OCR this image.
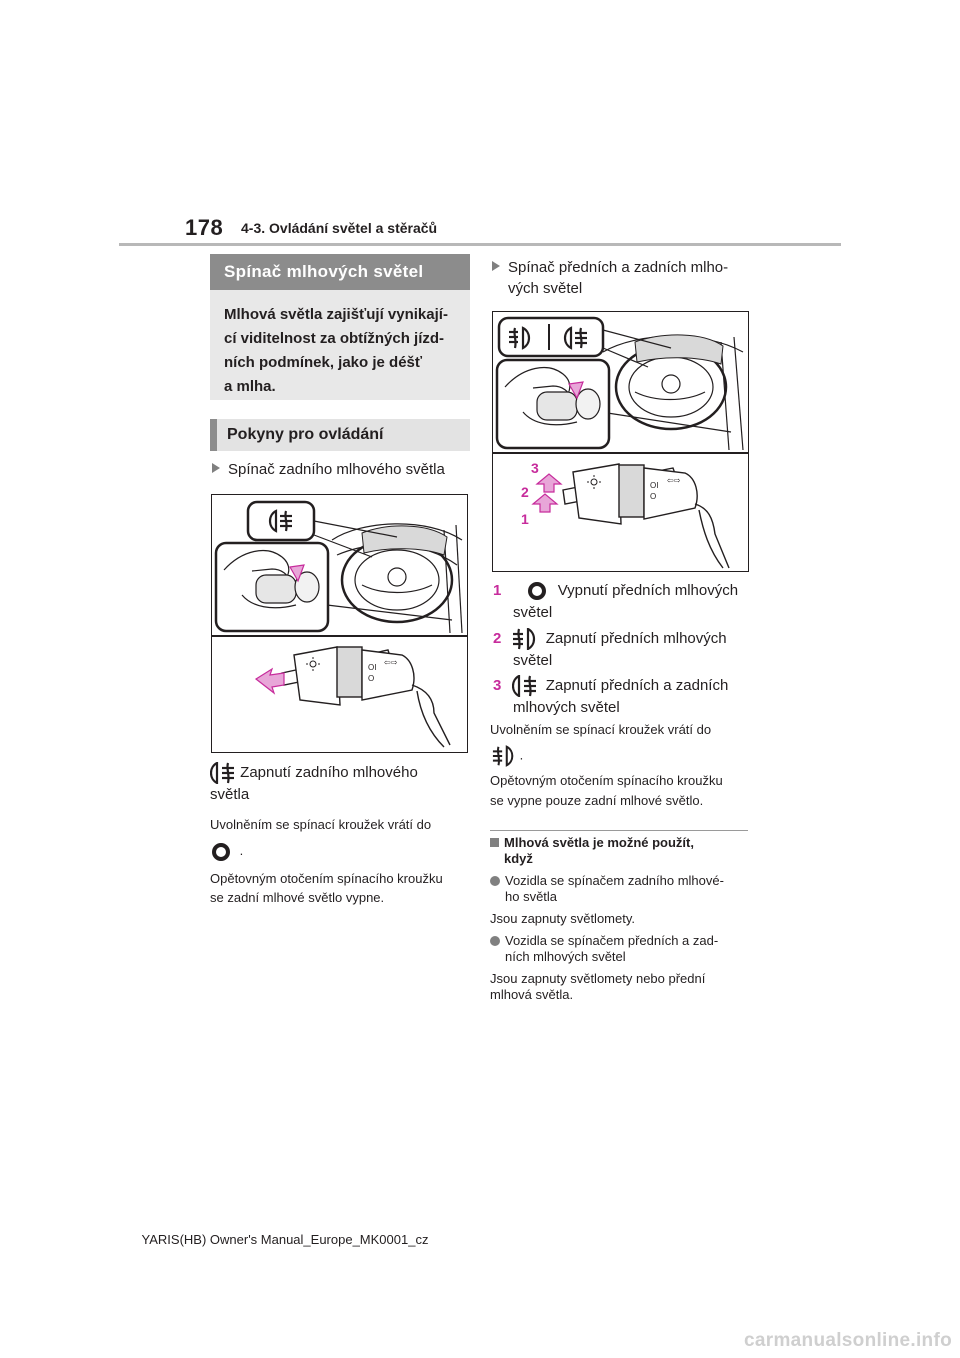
178 4-3. Ovládání světel a stěračů
Spínač mlhových světel
Mlhová světla zajišťují vynikají-
cí viditelnost za obtížných jízd-
ních podmínek, jako je déšť
a mlha.
Pokyny pro ovládání
Spínač zadního mlhového světla
OI
⇦⇨
O
Zapnutí zadního mlhového
světla
Uvolněním se spínací kroužek vrátí do
.
Opětovným otočením spínacího kroužku
se zadní mlhové světlo vypne.
Spínač předních a zadních mlho-
vých světel
OI
⇦⇨
O
3
2
1
1	Vypnutí předních mlhových
světel
2	Zapnutí předních mlhových
světel
3	Zapnutí předních a zadních
mlhových světel
Uvolněním se spínací kroužek vrátí do
.
Opětovným otočením spínacího kroužku
se vypne pouze zadní mlhové světlo.
Mlhová světla je možné použít,
když
Vozidla se spínačem zadního mlhové-
ho světla
Jsou zapnuty světlomety.
Vozidla se spínačem předních a zad-
ních mlhových světel
Jsou zapnuty světlomety nebo přední
mlhová světla.
YARIS(HB) Owner's Manual_Europe_MK0001_cz
carmanualsonline.info
